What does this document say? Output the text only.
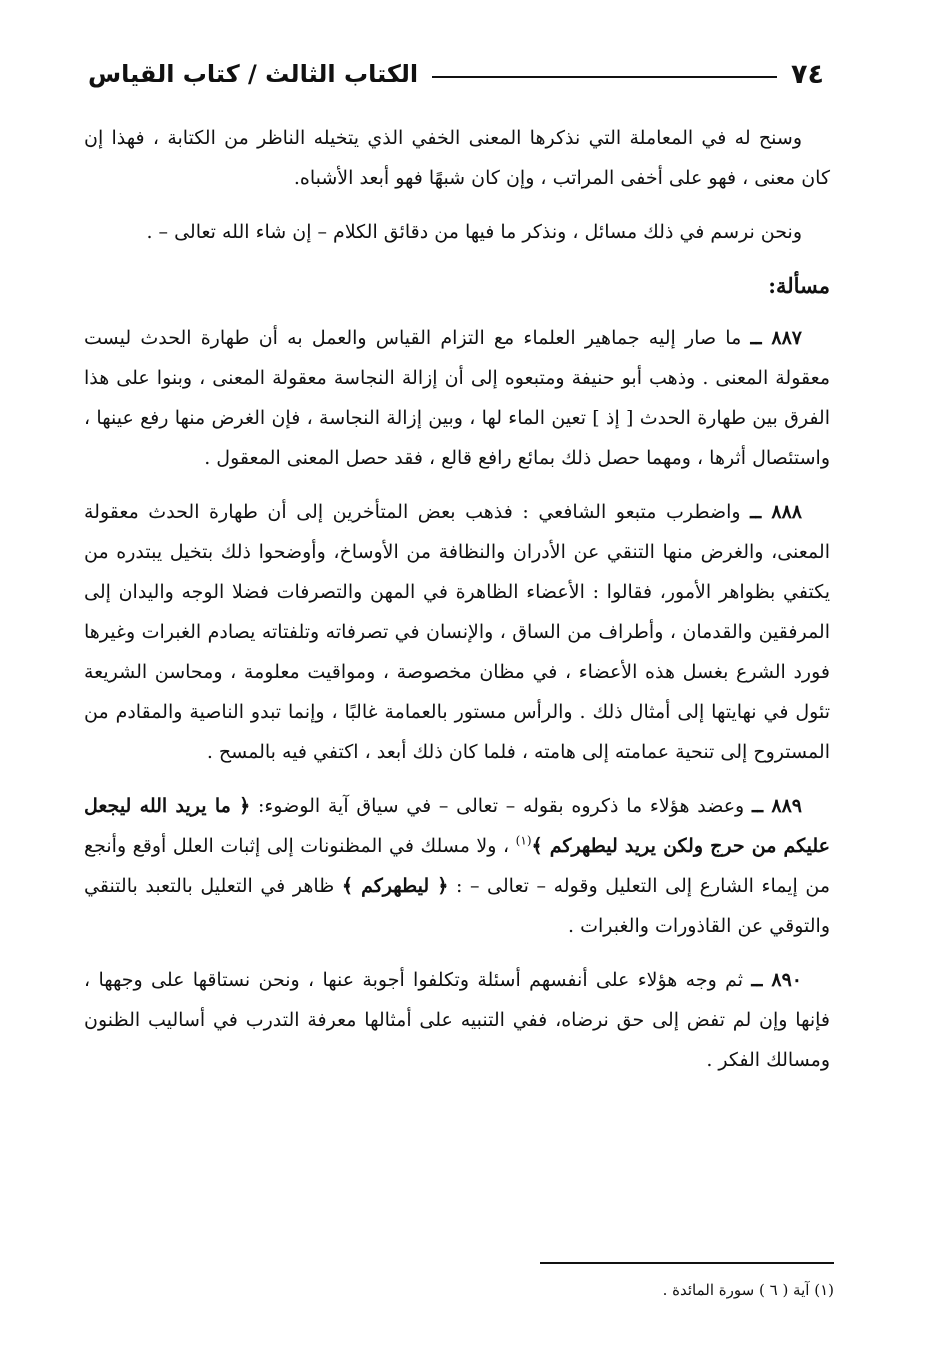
٧٤
الكتاب الثالث / كتاب القياس

وسنح له في المعاملة التي نذكرها المعنى الخفي الذي يتخيله الناظر من الكتابة ، فهذا إن كان معنى ، فهو على أخفى المراتب ، وإن كان شبهًا فهو أبعد الأشباه.

ونحن نرسم في ذلك مسائل ، ونذكر ما فيها من دقائق الكلام – إن شاء الله تعالى – .

مسألة:

٨٨٧ ــ ما صار إليه جماهير العلماء مع التزام القياس والعمل به أن طهارة الحدث ليست معقولة المعنى . وذهب أبو حنيفة ومتبعوه إلى أن إزالة النجاسة معقولة المعنى ، وبنوا على هذا الفرق بين طهارة الحدث [ إذ ] تعين الماء لها ، وبين إزالة النجاسة ، فإن الغرض منها رفع عينها ، واستئصال أثرها ، ومهما حصل ذلك بمائع رافع قالع ، فقد حصل المعنى المعقول .

٨٨٨ ــ واضطرب متبعو الشافعي : فذهب بعض المتأخرين إلى أن طهارة الحدث معقولة المعنى، والغرض منها التنقي عن الأدران والنظافة من الأوساخ، وأوضحوا ذلك بتخيل يبتدره من يكتفي بظواهر الأمور، فقالوا : الأعضاء الظاهرة في المهن والتصرفات فضلا الوجه واليدان إلى المرفقين والقدمان ، وأطراف من الساق ، والإنسان في تصرفاته وتلفتاته يصادم الغبرات وغيرها فورد الشرع بغسل هذه الأعضاء ، في مظان مخصوصة ، ومواقيت معلومة ، ومحاسن الشريعة تئول في نهايتها إلى أمثال ذلك . والرأس مستور بالعمامة غالبًا ، وإنما تبدو الناصية والمقادم من المستروح إلى تنحية عمامته إلى هامته ، فلما كان ذلك أبعد ، اكتفي فيه بالمسح .

٨٨٩ ــ وعضد هؤلاء ما ذكروه بقوله – تعالى – في سياق آية الوضوء: ﴿ ما يريد الله ليجعل عليكم من حرج ولكن يريد ليطهركم ﴾$^{(١)}$ ، ولا مسلك في المظنونات إلى إثبات العلل أوقع وأنجع من إيماء الشارع إلى التعليل وقوله – تعالى – : ﴿ ليطهركم ﴾ ظاهر في التعليل بالتعبد بالتنقي والتوقي عن القاذورات والغبرات .

٨٩٠ ــ ثم وجه هؤلاء على أنفسهم أسئلة وتكلفوا أجوبة عنها ، ونحن نستاقها على وجهها ، فإنها وإن لم تفض إلى حق نرضاه، ففي التنبيه على أمثالها معرفة التدرب في أساليب الظنون ومسالك الفكر .

(١) آية ( ٦ ) سورة المائدة .
